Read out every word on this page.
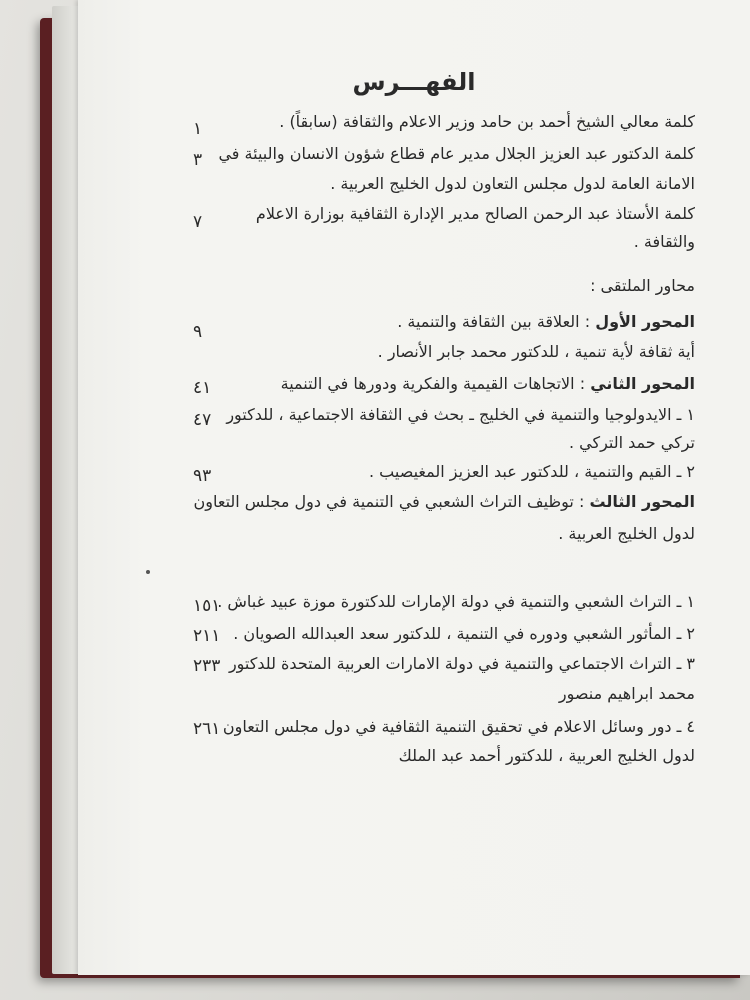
الفهـــرس
كلمة معالي الشيخ أحمد بن حامد وزير الاعلام والثقافة (سابقاً) .
١
كلمة الدكتور عبد العزيز الجلال مدير عام قطاع شؤون الانسان والبيئة في
٣
الامانة العامة لدول مجلس التعاون لدول الخليج العربية .
كلمة الأستاذ عبد الرحمن الصالح مدير الإدارة الثقافية بوزارة الاعلام
٧
والثقافة .
محاور الملتقى :
المحور الأول : العلاقة بين الثقافة والتنمية .
٩
أية ثقافة لأية تنمية ، للدكتور محمد جابر الأنصار .
المحور الثاني : الاتجاهات القيمية والفكرية ودورها في التنمية
٤١
١ ـ الايدولوجيا والتنمية في الخليج ـ بحث في الثقافة الاجتماعية ، للدكتور
٤٧
تركي حمد التركي .
٢ ـ القيم والتنمية ، للدكتور عبد العزيز المغيصيب .
٩٣
المحور الثالث : توظيف التراث الشعبي في التنمية في دول مجلس التعاون
لدول الخليج العربية .
١ ـ التراث الشعبي والتنمية في دولة الإمارات للدكتورة موزة عبيد غباش .
١٥١
٢ ـ المأثور الشعبي ودوره في التنمية ، للدكتور سعد العبدالله الصويان .
٢١١
٣ ـ التراث الاجتماعي والتنمية في دولة الامارات العربية المتحدة للدكتور
٢٣٣
محمد ابراهيم منصور
٤ ـ دور وسائل الاعلام في تحقيق التنمية الثقافية في دول مجلس التعاون
٢٦١
لدول الخليج العربية ، للدكتور أحمد عبد الملك
